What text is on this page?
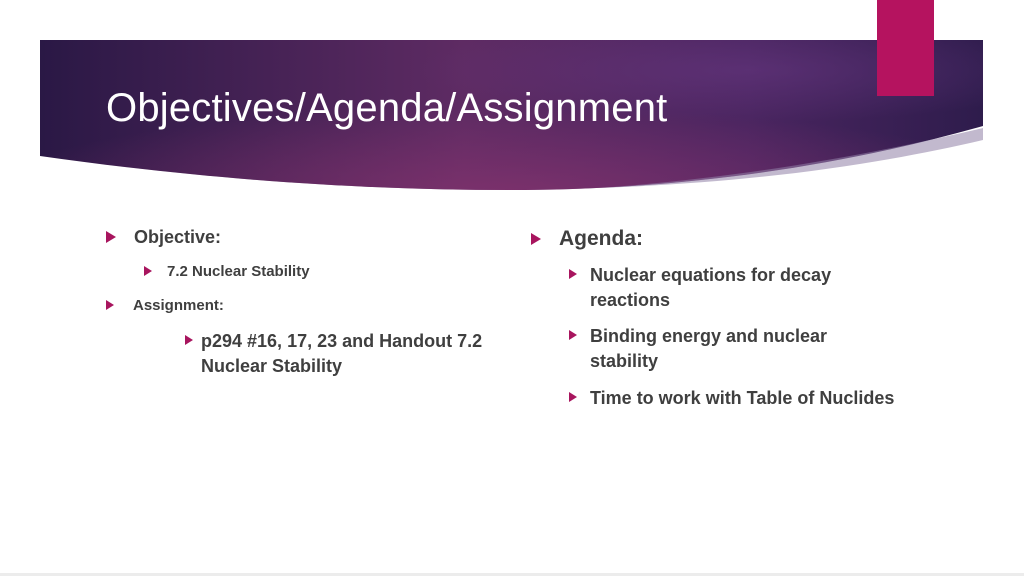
Objectives/Agenda/Assignment
Objective:
7.2 Nuclear Stability
Assignment:
p294 #16, 17, 23 and Handout 7.2 Nuclear Stability
Agenda:
Nuclear equations for decay reactions
Binding energy and nuclear stability
Time to work with Table of Nuclides
